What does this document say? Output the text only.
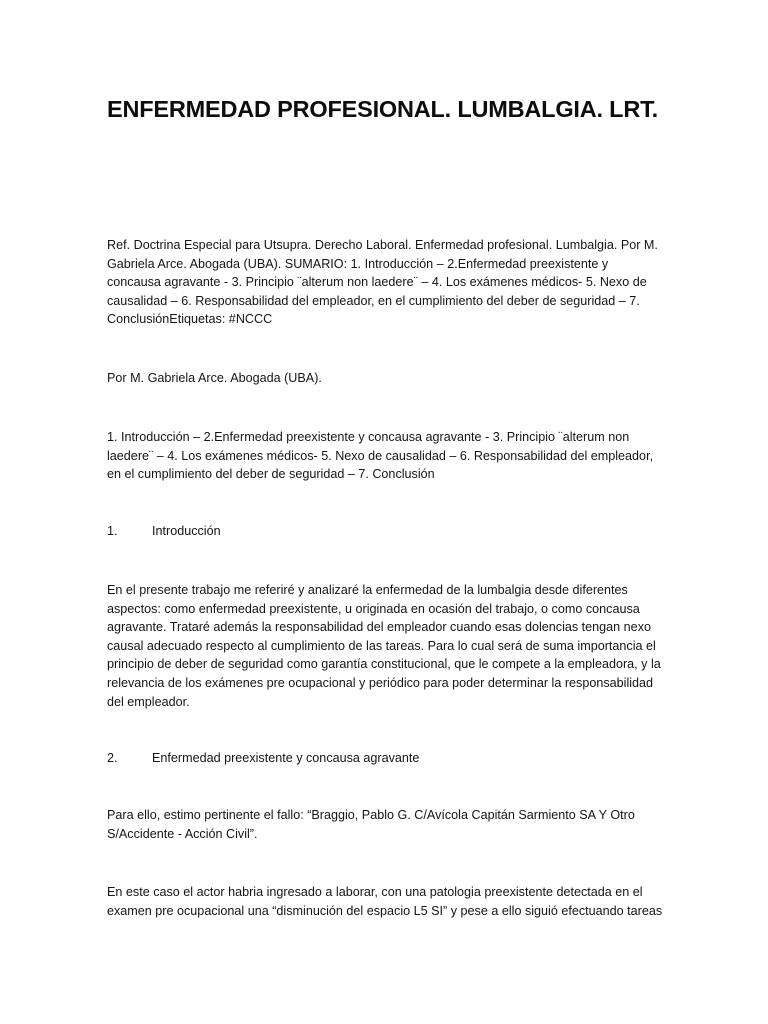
ENFERMEDAD PROFESIONAL. LUMBALGIA. LRT.

Ref. Doctrina Especial para Utsupra. Derecho Laboral. Enfermedad profesional. Lumbalgia. Por M. Gabriela Arce. Abogada (UBA). SUMARIO: 1. Introducción – 2.Enfermedad preexistente y concausa agravante - 3. Principio ¨alterum non laedere¨ – 4. Los exámenes médicos- 5. Nexo de causalidad – 6. Responsabilidad del empleador, en el cumplimiento del deber de seguridad – 7. ConclusiónEtiquetas: #NCCC

Por M. Gabriela Arce. Abogada (UBA).

1. Introducción – 2.Enfermedad preexistente y concausa agravante - 3. Principio ¨alterum non laedere¨ – 4. Los exámenes médicos- 5. Nexo de causalidad – 6. Responsabilidad del empleador, en el cumplimiento del deber de seguridad – 7. Conclusión

1.	Introducción

En el presente trabajo me referiré y analizaré la enfermedad de la lumbalgia desde diferentes aspectos: como enfermedad preexistente, u originada en ocasión del trabajo, o como concausa agravante. Trataré además la responsabilidad del empleador cuando esas dolencias tengan nexo causal adecuado respecto al cumplimiento de las tareas. Para lo cual será de suma importancia el principio de deber de seguridad como garantía constitucional, que le compete a la empleadora, y la relevancia de los exámenes pre ocupacional y periódico para poder determinar la responsabilidad del empleador.

2.	Enfermedad preexistente y concausa agravante

Para ello, estimo pertinente el fallo: “Braggio, Pablo G. C/Avícola Capitán Sarmiento SA Y Otro S/Accidente - Acción Civil”.

En este caso el actor habria ingresado a laborar, con una patologia preexistente detectada en el examen pre ocupacional una “disminución del espacio L5 SI” y pese a ello siguió efectuando tareas
